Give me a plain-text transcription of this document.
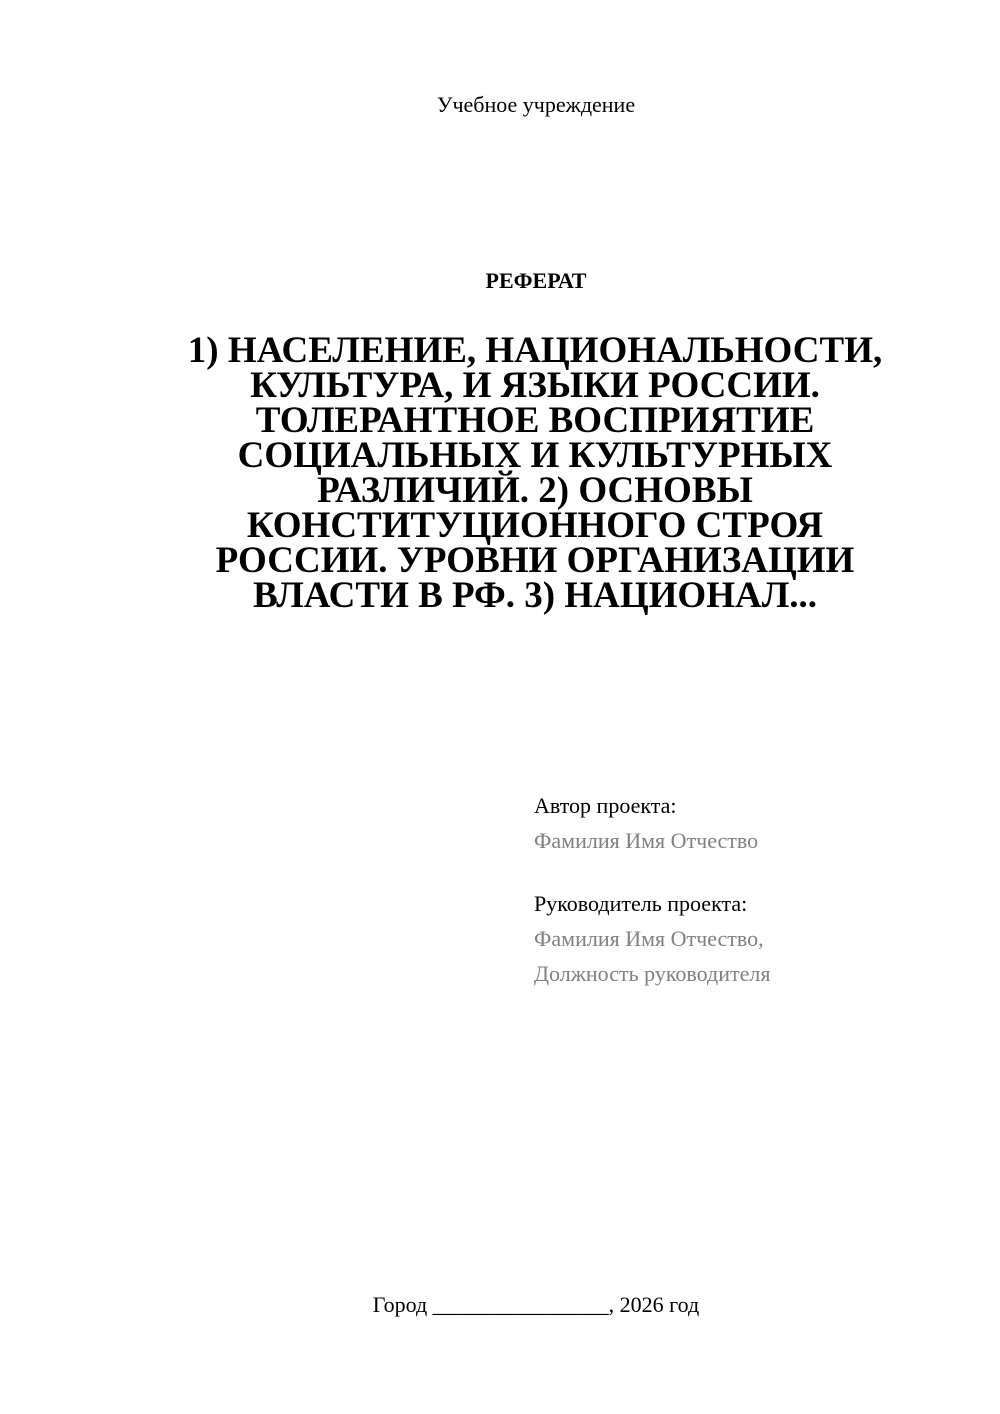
Учебное учреждение
РЕФЕРАТ
1) НАСЕЛЕНИЕ, НАЦИОНАЛЬНОСТИ,
КУЛЬТУРА, И ЯЗЫКИ РОССИИ.
ТОЛЕРАНТНОЕ ВОСПРИЯТИЕ
СОЦИАЛЬНЫХ И КУЛЬТУРНЫХ
РАЗЛИЧИЙ. 2) ОСНОВЫ
КОНСТИТУЦИОННОГО СТРОЯ
РОССИИ. УРОВНИ ОРГАНИЗАЦИИ
ВЛАСТИ В РФ. 3) НАЦИОНАЛ...
Автор проекта:
Фамилия Имя Отчество
Руководитель проекта:
Фамилия Имя Отчество,
Должность руководителя
Город ________________, 2026 год
